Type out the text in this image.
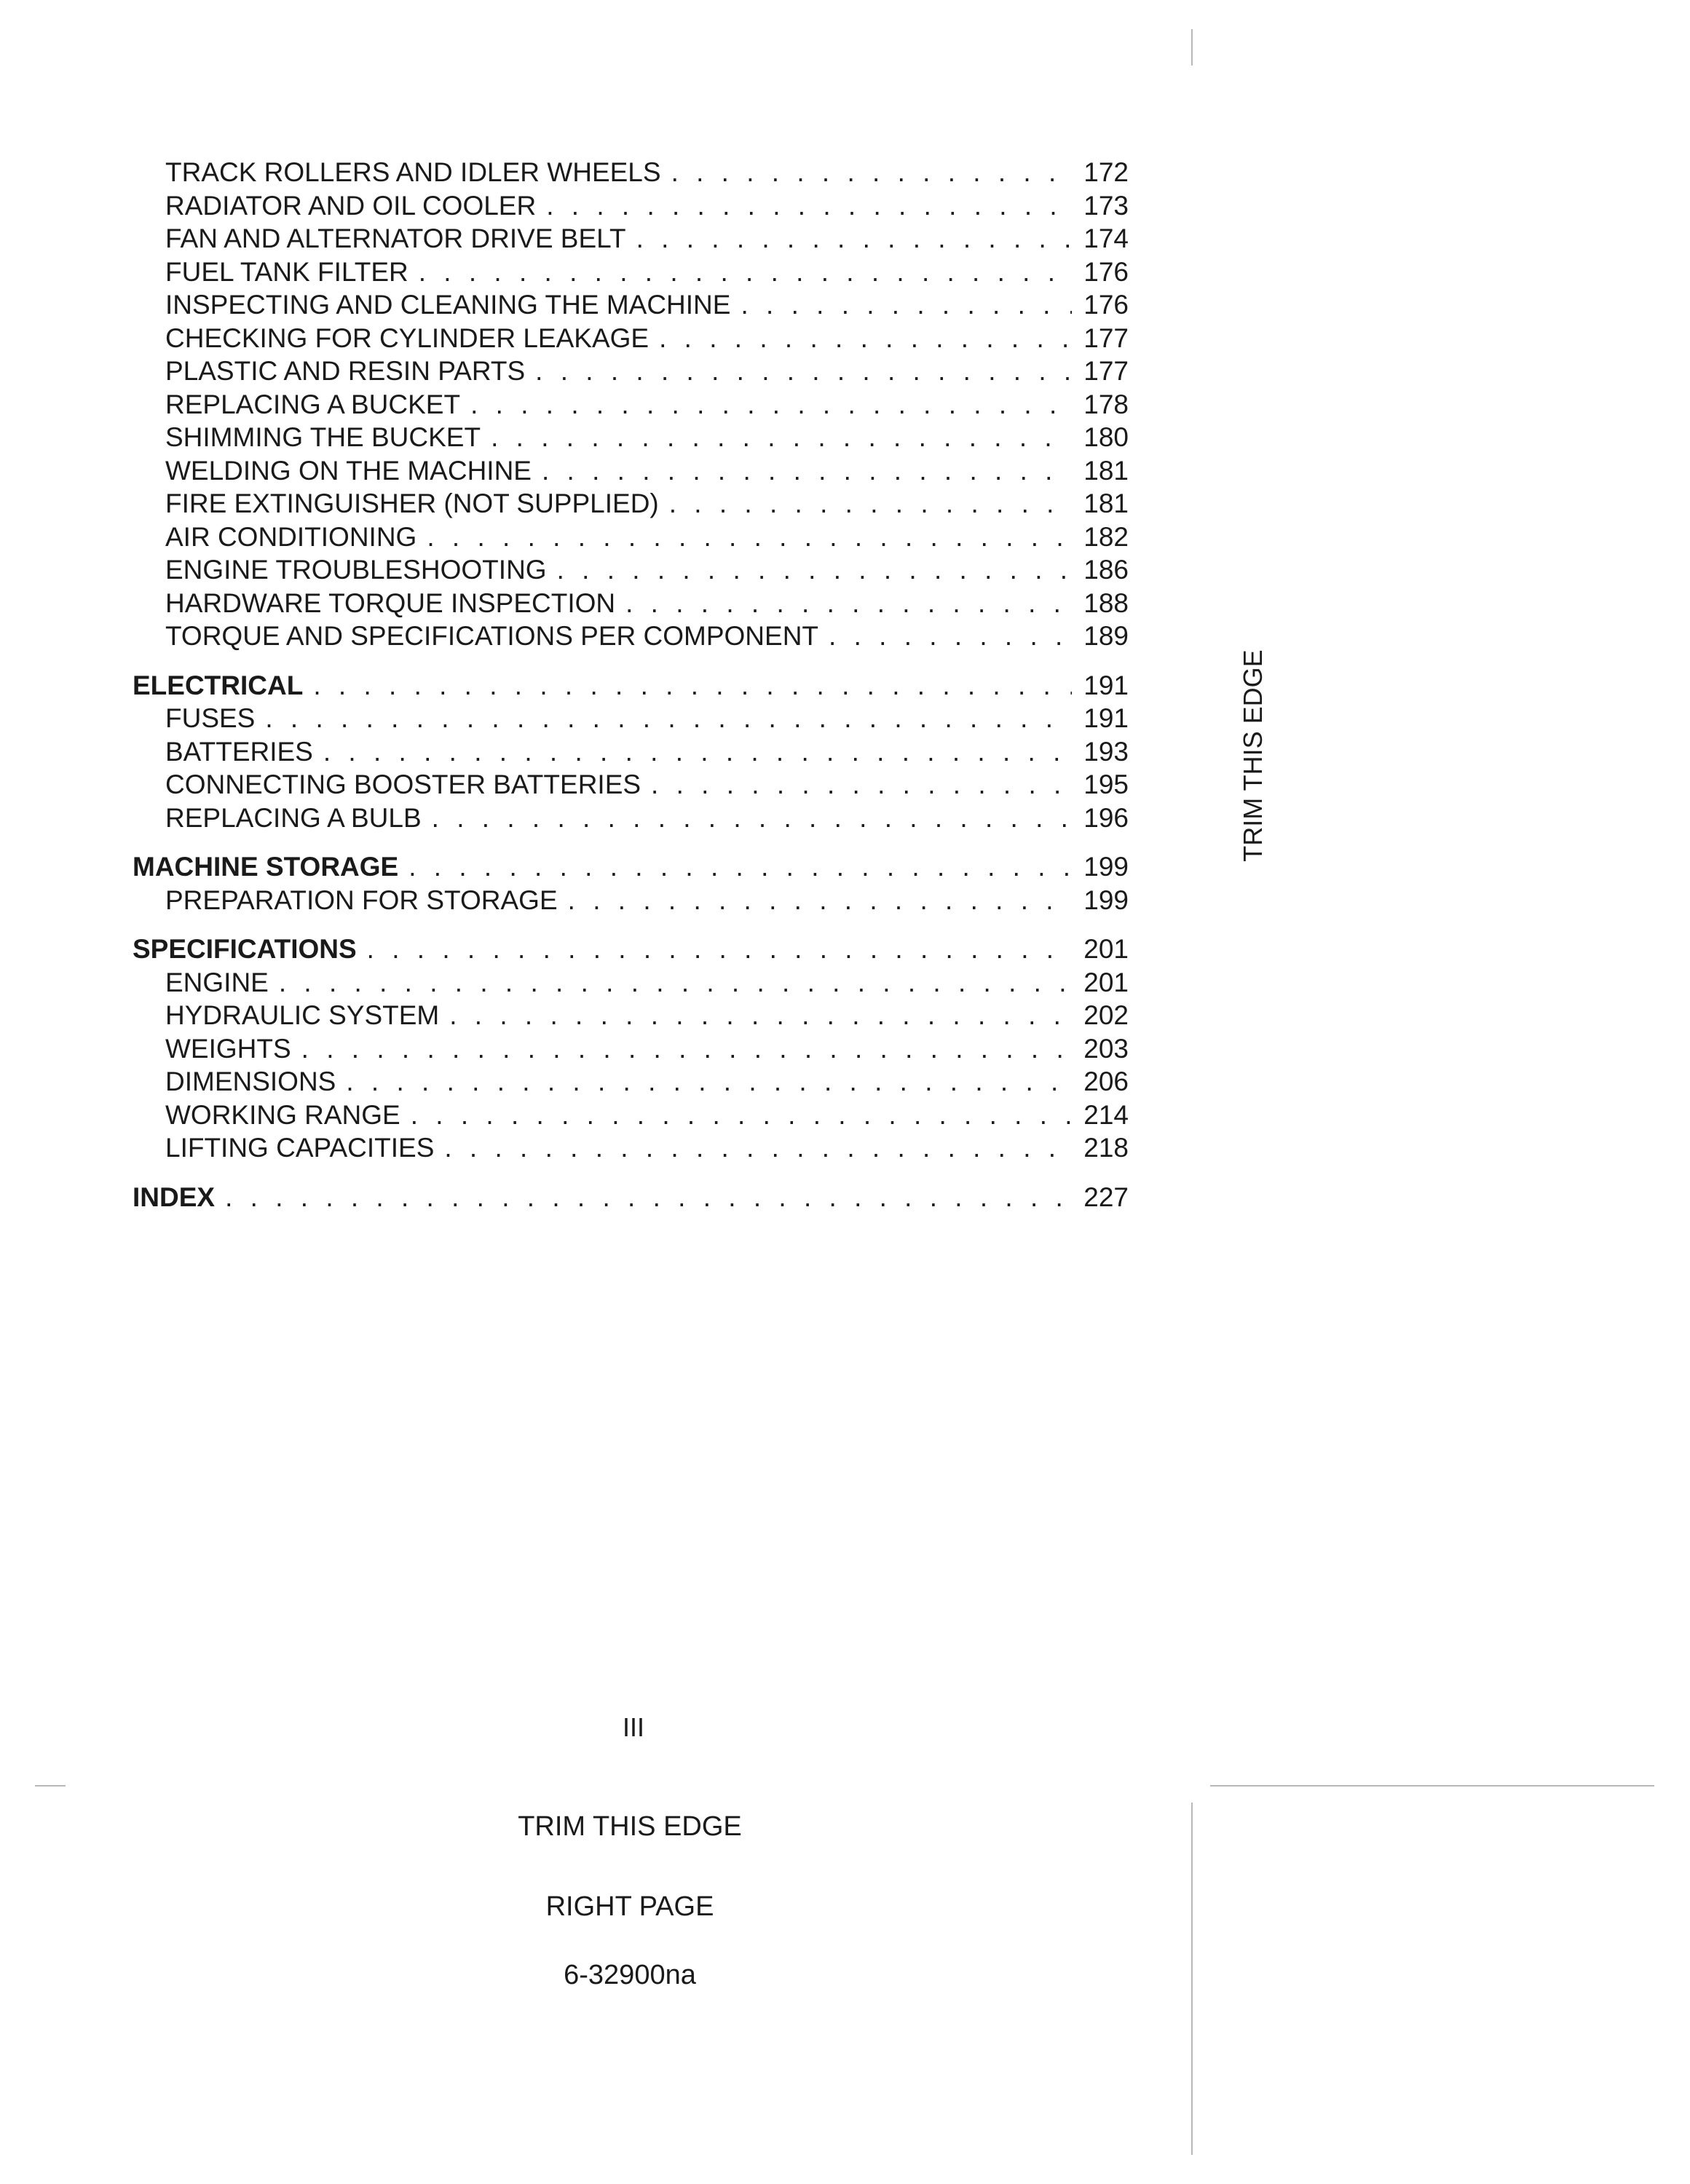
TRACK ROLLERS AND IDLER WHEELS . . .	172
RADIATOR AND OIL COOLER . . .	173
FAN AND ALTERNATOR DRIVE BELT . . .	174
FUEL TANK FILTER . . .	176
INSPECTING AND CLEANING THE MACHINE . . .	176
CHECKING FOR CYLINDER LEAKAGE . . .	177
PLASTIC AND RESIN PARTS . . .	177
REPLACING A BUCKET . . .	178
SHIMMING THE BUCKET . . .	180
WELDING ON THE MACHINE . . .	181
FIRE EXTINGUISHER (NOT SUPPLIED) . . .	181
AIR CONDITIONING . . .	182
ENGINE TROUBLESHOOTING . . .	186
HARDWARE TORQUE INSPECTION . . .	188
TORQUE AND SPECIFICATIONS PER COMPONENT . . .	189
ELECTRICAL . . .	191
FUSES . . .	191
BATTERIES . . .	193
CONNECTING BOOSTER BATTERIES . . .	195
REPLACING A BULB . . .	196
MACHINE STORAGE . . .	199
PREPARATION FOR STORAGE . . .	199
SPECIFICATIONS . . .	201
ENGINE . . .	201
HYDRAULIC SYSTEM . . .	202
WEIGHTS . . .	203
DIMENSIONS . . .	206
WORKING RANGE . . .	214
LIFTING CAPACITIES . . .	218
INDEX . . .	227
TRIM THIS EDGE
III
TRIM THIS EDGE
RIGHT PAGE
6-32900na
